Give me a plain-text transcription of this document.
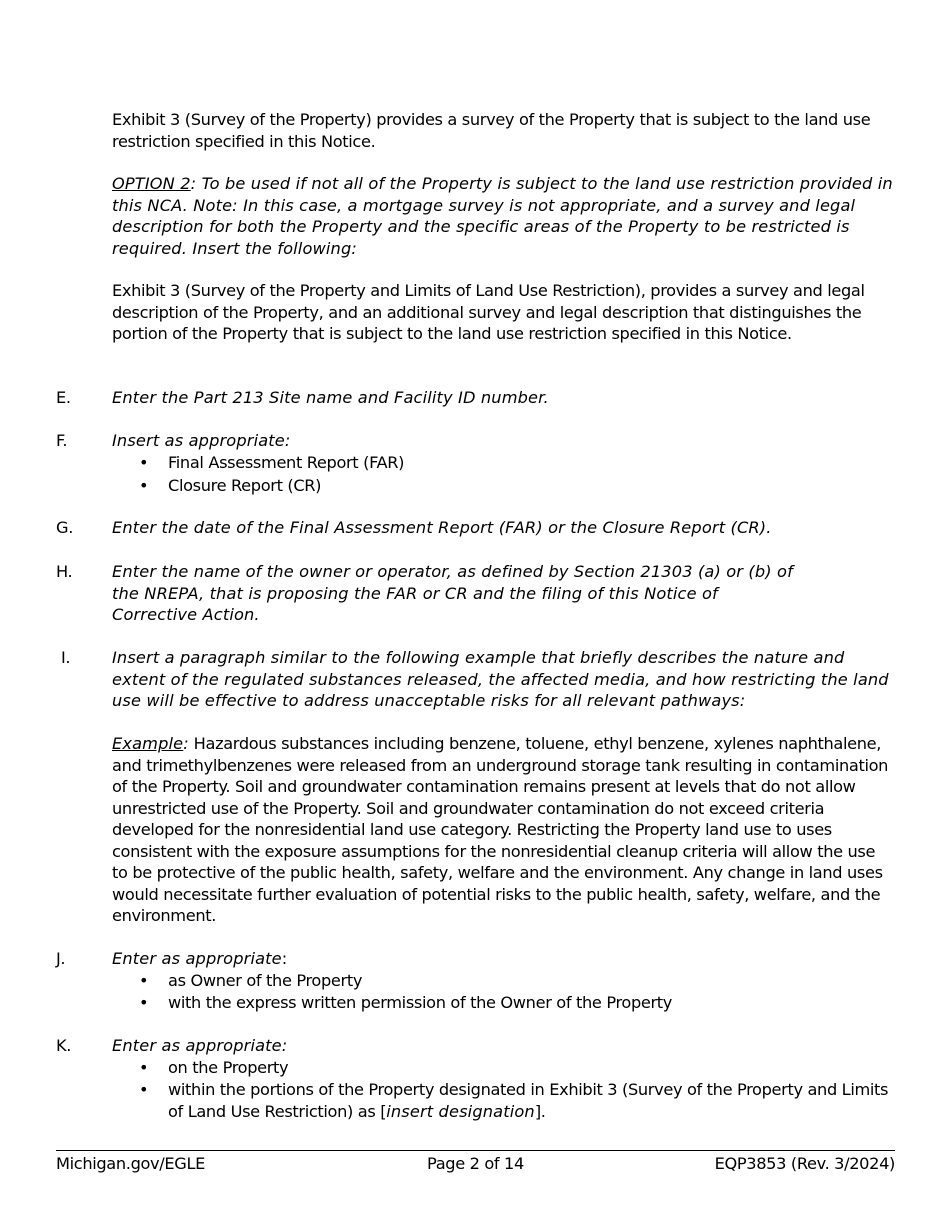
Exhibit 3 (Survey of the Property) provides a survey of the Property that is subject to the land use restriction specified in this Notice.

OPTION 2: To be used if not all of the Property is subject to the land use restriction provided in this NCA. Note: In this case, a mortgage survey is not appropriate, and a survey and legal description for both the Property and the specific areas of the Property to be restricted is required. Insert the following:

Exhibit 3 (Survey of the Property and Limits of Land Use Restriction), provides a survey and legal description of the Property, and an additional survey and legal description that distinguishes the portion of the Property that is subject to the land use restriction specified in this Notice.

E.	Enter the Part 213 Site name and Facility ID number.

F.	Insert as appropriate:
• Final Assessment Report (FAR)
• Closure Report (CR)

G.	Enter the date of the Final Assessment Report (FAR) or the Closure Report (CR).

H.	Enter the name of the owner or operator, as defined by Section 21303 (a) or (b) of
the NREPA, that is proposing the FAR or CR and the filing of this Notice of
Corrective Action.

I.	Insert a paragraph similar to the following example that briefly describes the nature and extent of the regulated substances released, the affected media, and how restricting the land use will be effective to address unacceptable risks for all relevant pathways:

Example: Hazardous substances including benzene, toluene, ethyl benzene, xylenes naphthalene, and trimethylbenzenes were released from an underground storage tank resulting in contamination of the Property. Soil and groundwater contamination remains present at levels that do not allow unrestricted use of the Property. Soil and groundwater contamination do not exceed criteria developed for the nonresidential land use category. Restricting the Property land use to uses consistent with the exposure assumptions for the nonresidential cleanup criteria will allow the use to be protective of the public health, safety, welfare and the environment. Any change in land uses would necessitate further evaluation of potential risks to the public health, safety, welfare, and the environment.

J.	Enter as appropriate:
• as Owner of the Property
• with the express written permission of the Owner of the Property

K.	Enter as appropriate:
• on the Property
• within the portions of the Property designated in Exhibit 3 (Survey of the Property and Limits of Land Use Restriction) as [insert designation].
Michigan.gov/EGLE	Page 2 of 14	EQP3853 (Rev. 3/2024)
